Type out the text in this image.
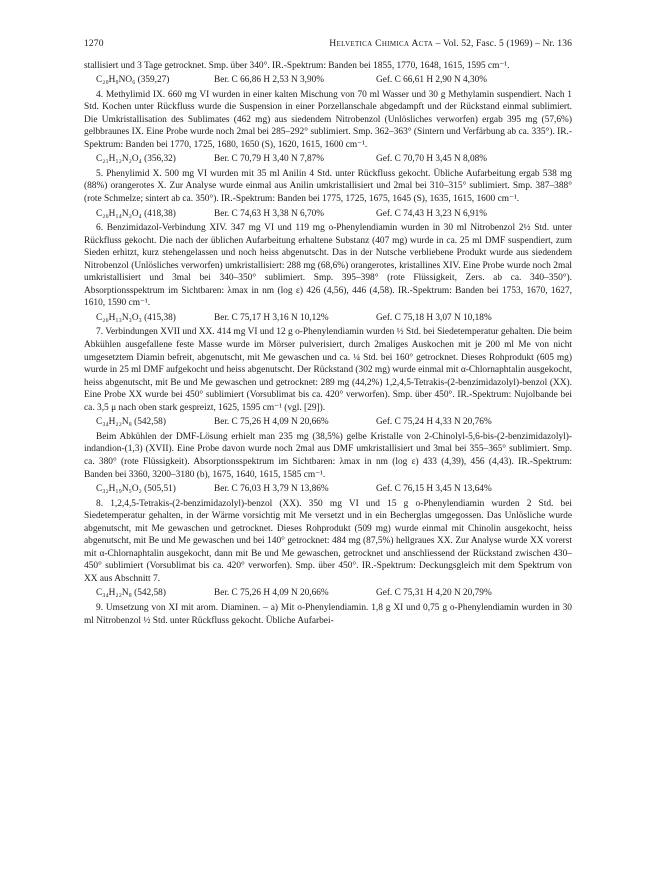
1270	Helvetica Chimica Acta – Vol. 52, Fasc. 5 (1969) – Nr. 136

stallisiert und 3 Tage getrocknet. Smp. über 340°. IR.-Spektrum: Banden bei 1855, 1770, 1648, 1615, 1595 cm⁻¹.

C₂₀H₉NO₆ (359,27)	Ber. C 66,86 H 2,53 N 3,90%	Gef. C 66,61 H 2,90 N 4,30%

4. Methylimid IX. 660 mg VI wurden in einer kalten Mischung von 70 ml Wasser und 30 g Methylamin suspendiert. Nach 1 Std. Kochen unter Rückfluss wurde die Suspension in einer Porzellanschale abgedampft und der Rückstand einmal sublimiert. Die Umkristallisation des Sublimates (462 mg) aus siedendem Nitrobenzol (Unlösliches verworfen) ergab 395 mg (57,6%) gelbbraunes IX. Eine Probe wurde noch 2mal bei 285–292° sublimiert. Smp. 362–363° (Sintern und Verfärbung ab ca. 335°). IR.-Spektrum: Banden bei 1770, 1725, 1680, 1650 (S), 1620, 1615, 1600 cm⁻¹.

C₂₁H₁₂N₂O₄ (356,32)	Ber. C 70,79 H 3,40 N 7,87%	Gef. C 70,70 H 3,45 N 8,08%

5. Phenylimid X. 500 mg VI wurden mit 35 ml Anilin 4 Std. unter Rückfluss gekocht. Übliche Aufarbeitung ergab 538 mg (88%) orangerotes X. Zur Analyse wurde einmal aus Anilin umkristallisiert und 2mal bei 310–315° sublimiert. Smp. 387–388° (rote Schmelze; sintert ab ca. 350°). IR.-Spektrum: Banden bei 1775, 1725, 1675, 1645 (S), 1635, 1615, 1600 cm⁻¹.

C₂₆H₁₄N₂O₄ (418,38)	Ber. C 74,63 H 3,38 N 6,70%	Gef. C 74,43 H 3,23 N 6,91%

6. Benzimidazol-Verbindung XIV. 347 mg VI und 119 mg o-Phenylendiamin wurden in 30 ml Nitrobenzol 2½ Std. unter Rückfluss gekocht. Die nach der üblichen Aufarbeitung erhaltene Substanz (407 mg) wurde in ca. 25 ml DMF suspendiert, zum Sieden erhitzt, kurz stehengelassen und noch heiss abgenutscht. Das in der Nutsche verbliebene Produkt wurde aus siedendem Nitrobenzol (Unlösliches verworfen) umkristallisiert: 288 mg (68,6%) orangerotes, kristallines XIV. Eine Probe wurde noch 2mal umkristallisiert und 3mal bei 340–350° sublimiert. Smp. 395–398° (rote Flüssigkeit, Zers. ab ca. 340–350°). Absorptionsspektrum im Sichtbaren: λmax in nm (log ε) 426 (4,56), 446 (4,58). IR.-Spektrum: Banden bei 1753, 1670, 1627, 1610, 1590 cm⁻¹.

C₂₆H₁₃N₃O₃ (415,38)	Ber. C 75,17 H 3,16 N 10,12%	Gef. C 75,18 H 3,07 N 10,18%

7. Verbindungen XVII und XX. 414 mg VI und 12 g o-Phenylendiamin wurden ½ Std. bei Siedetemperatur gehalten. Die beim Abkühlen ausgefallene feste Masse wurde im Mörser pulverisiert, durch 2maliges Auskochen mit je 200 ml Me von nicht umgesetztem Diamin befreit, abgenutscht, mit Me gewaschen und ca. ¼ Std. bei 160° getrocknet. Dieses Rohprodukt (605 mg) wurde in 25 ml DMF aufgekocht und heiss abgenutscht. Der Rückstand (302 mg) wurde einmal mit α-Chlornaphtalin ausgekocht, heiss abgenutscht, mit Be und Me gewaschen und getrocknet: 289 mg (44,2%) 1,2,4,5-Tetrakis-(2-benzimidazolyl)-benzol (XX). Eine Probe XX wurde bei 450° sublimiert (Vorsublimat bis ca. 420° verworfen). Smp. über 450°. IR.-Spektrum: Nujolbande bei ca. 3,5 μ nach oben stark gespreizt, 1625, 1595 cm⁻¹ (vgl. [29]).

C₃₄H₂₂N₈ (542,58)	Ber. C 75,26 H 4,09 N 20,66%	Gef. C 75,24 H 4,33 N 20,76%

Beim Abkühlen der DMF-Lösung erhielt man 235 mg (38,5%) gelbe Kristalle von 2-Chinolyl-5,6-bis-(2-benzimidazolyl)-indandion-(1,3) (XVII). Eine Probe davon wurde noch 2mal aus DMF umkristallisiert und 3mal bei 355–365° sublimiert. Smp. ca. 380° (rote Flüssigkeit). Absorptionsspektrum im Sichtbaren: λmax in nm (log ε) 433 (4,39), 456 (4,43). IR.-Spektrum: Banden bei 3360, 3200–3180 (b), 1675, 1640, 1615, 1585 cm⁻¹.

C₃₂H₁₉N₅O₂ (505,51)	Ber. C 76,03 H 3,79 N 13,86%	Gef. C 76,15 H 3,45 N 13,64%

8. 1,2,4,5-Tetrakis-(2-benzimidazolyl)-benzol (XX). 350 mg VI und 15 g o-Phenylendiamin wurden 2 Std. bei Siedetemperatur gehalten, in der Wärme vorsichtig mit Me versetzt und in ein Becherglas umgegossen. Das Unlösliche wurde abgenutscht, mit Me gewaschen und getrocknet. Dieses Rohprodukt (509 mg) wurde einmal mit Chinolin ausgekocht, heiss abgenutscht, mit Be und Me gewaschen und bei 140° getrocknet: 484 mg (87,5%) hellgraues XX. Zur Analyse wurde XX vorerst mit α-Chlornaphtalin ausgekocht, dann mit Be und Me gewaschen, getrocknet und anschliessend der Rückstand zwischen 430–450° sublimiert (Vorsublimat bis ca. 420° verworfen). Smp. über 450°. IR.-Spektrum: Deckungsgleich mit dem Spektrum von XX aus Abschnitt 7.

C₃₄H₂₂N₈ (542,58)	Ber. C 75,26 H 4,09 N 20,66%	Gef. C 75,31 H 4,20 N 20,79%

9. Umsetzung von XI mit arom. Diaminen. – a) Mit o-Phenylendiamin. 1,8 g XI und 0,75 g o-Phenylendiamin wurden in 30 ml Nitrobenzol ½ Std. unter Rückfluss gekocht. Übliche Aufarbei-
